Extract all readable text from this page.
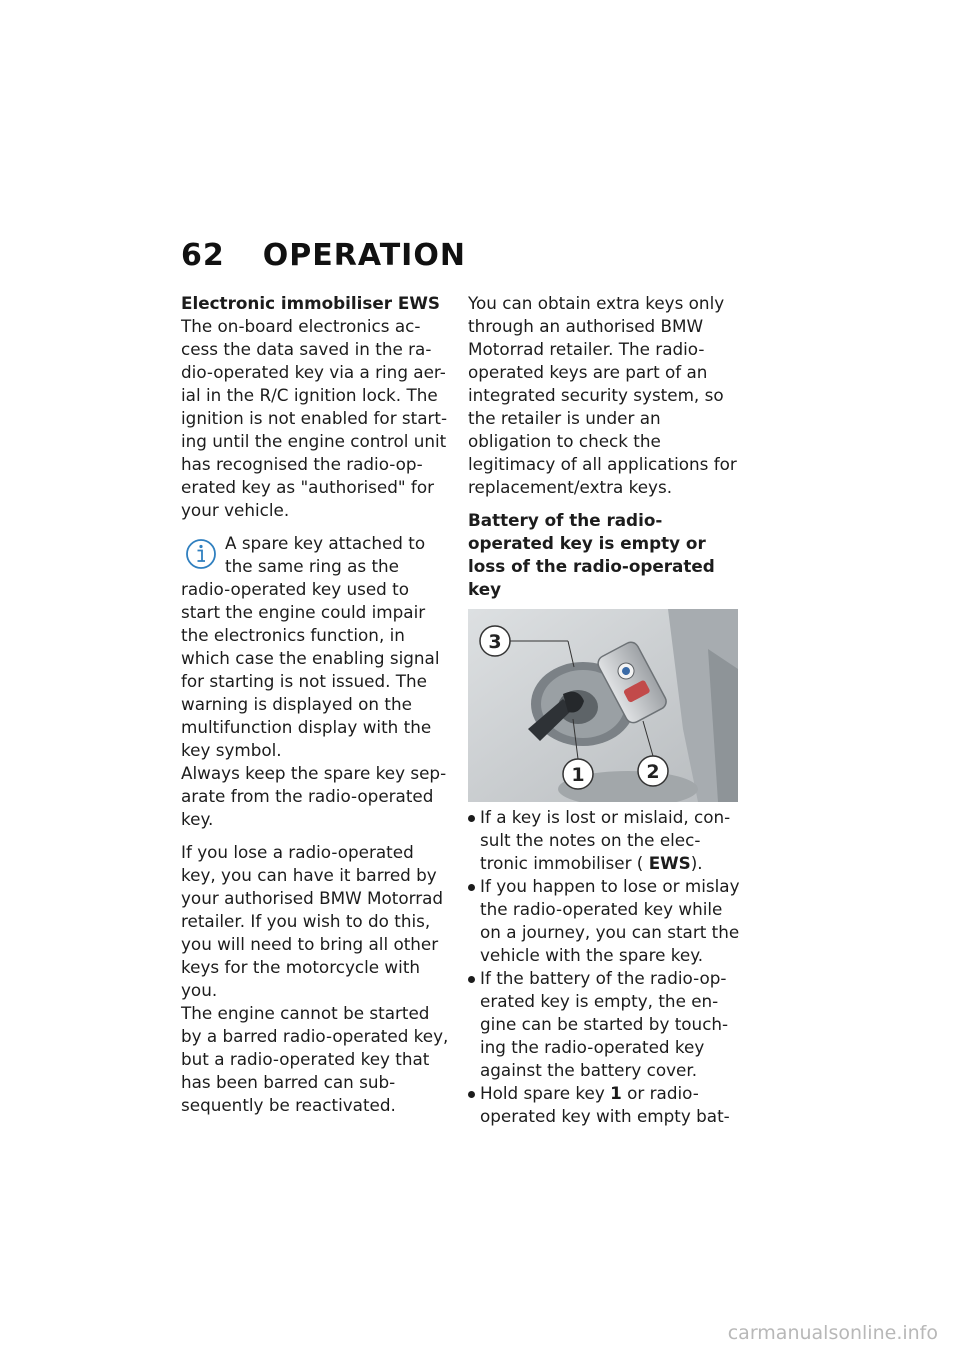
62 OPERATION

Electronic immobiliser EWS

The on-board electronics ac-cess the data saved in the ra-dio-operated key via a ring aer-ial in the R/C ignition lock. The ignition is not enabled for start-ing until the engine control unit has recognised the radio-op-erated key as "authorised" for your vehicle.

A spare key attached to the same ring as the radio-operated key used to start the engine could impair the electronics function, in which case the enabling signal for starting is not issued. The warning is displayed on the multifunction display with the key symbol.

Always keep the spare key sep-arate from the radio-operated key.

If you lose a radio-operated key, you can have it barred by your authorised BMW Motorrad retailer. If you wish to do this, you will need to bring all other keys for the motorcycle with you.

The engine cannot be started by a barred radio-operated key, but a radio-operated key that has been barred can sub-sequently be reactivated.

You can obtain extra keys only through an authorised BMW Motorrad retailer. The radio-operated keys are part of an integrated security system, so the retailer is under an obligation to check the legitimacy of all applications for replacement/extra keys.

Battery of the radio-operated key is empty or loss of the radio-operated key

3
1	2
If a key is lost or mislaid, con-sult the notes on the elec-tronic immobiliser ( EWS).
If you happen to lose or mislay the radio-operated key while on a journey, you can start the vehicle with the spare key.
If the battery of the radio-op-erated key is empty, the en-gine can be started by touch-ing the radio-operated key against the battery cover.
Hold spare key 1 or radio-operated key with empty bat-
carmanualsonline.info
